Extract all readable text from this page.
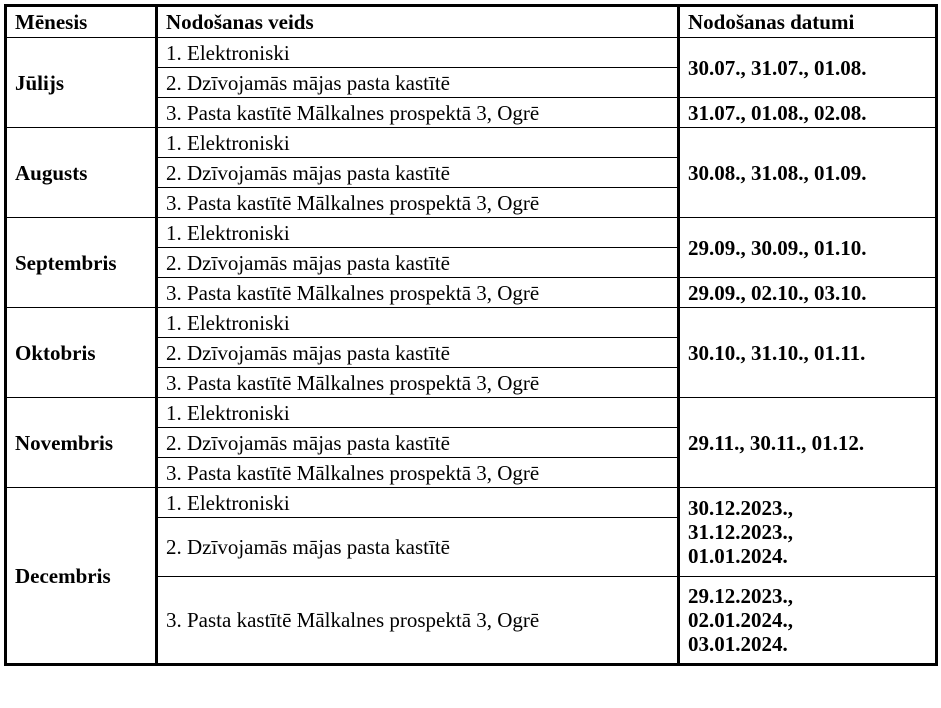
Mēnesis	Nodošanas veids	Nodošanas datumi
Jūlijs	1. Elektroniski	30.07., 31.07., 01.08.
	2. Dzīvojamās mājas pasta kastītē	
	3. Pasta kastītē Mālkalnes prospektā 3, Ogrē	31.07., 01.08., 02.08.
Augusts	1. Elektroniski	30.08., 31.08., 01.09.
	2. Dzīvojamās mājas pasta kastītē	
	3. Pasta kastītē Mālkalnes prospektā 3, Ogrē	
Septembris	1. Elektroniski	29.09., 30.09., 01.10.
	2. Dzīvojamās mājas pasta kastītē	
	3. Pasta kastītē Mālkalnes prospektā 3, Ogrē	29.09., 02.10., 03.10.
Oktobris	1. Elektroniski	30.10., 31.10., 01.11.
	2. Dzīvojamās mājas pasta kastītē	
	3. Pasta kastītē Mālkalnes prospektā 3, Ogrē	
Novembris	1. Elektroniski	29.11., 30.11., 01.12.
	2. Dzīvojamās mājas pasta kastītē	
	3. Pasta kastītē Mālkalnes prospektā 3, Ogrē	
Decembris	1. Elektroniski	30.12.2023.,
31.12.2023.,
01.01.2024.

	2. Dzīvojamās mājas pasta kastītē	
	3. Pasta kastītē Mālkalnes prospektā 3, Ogrē	29.12.2023.,
02.01.2024.,
03.01.2024.
